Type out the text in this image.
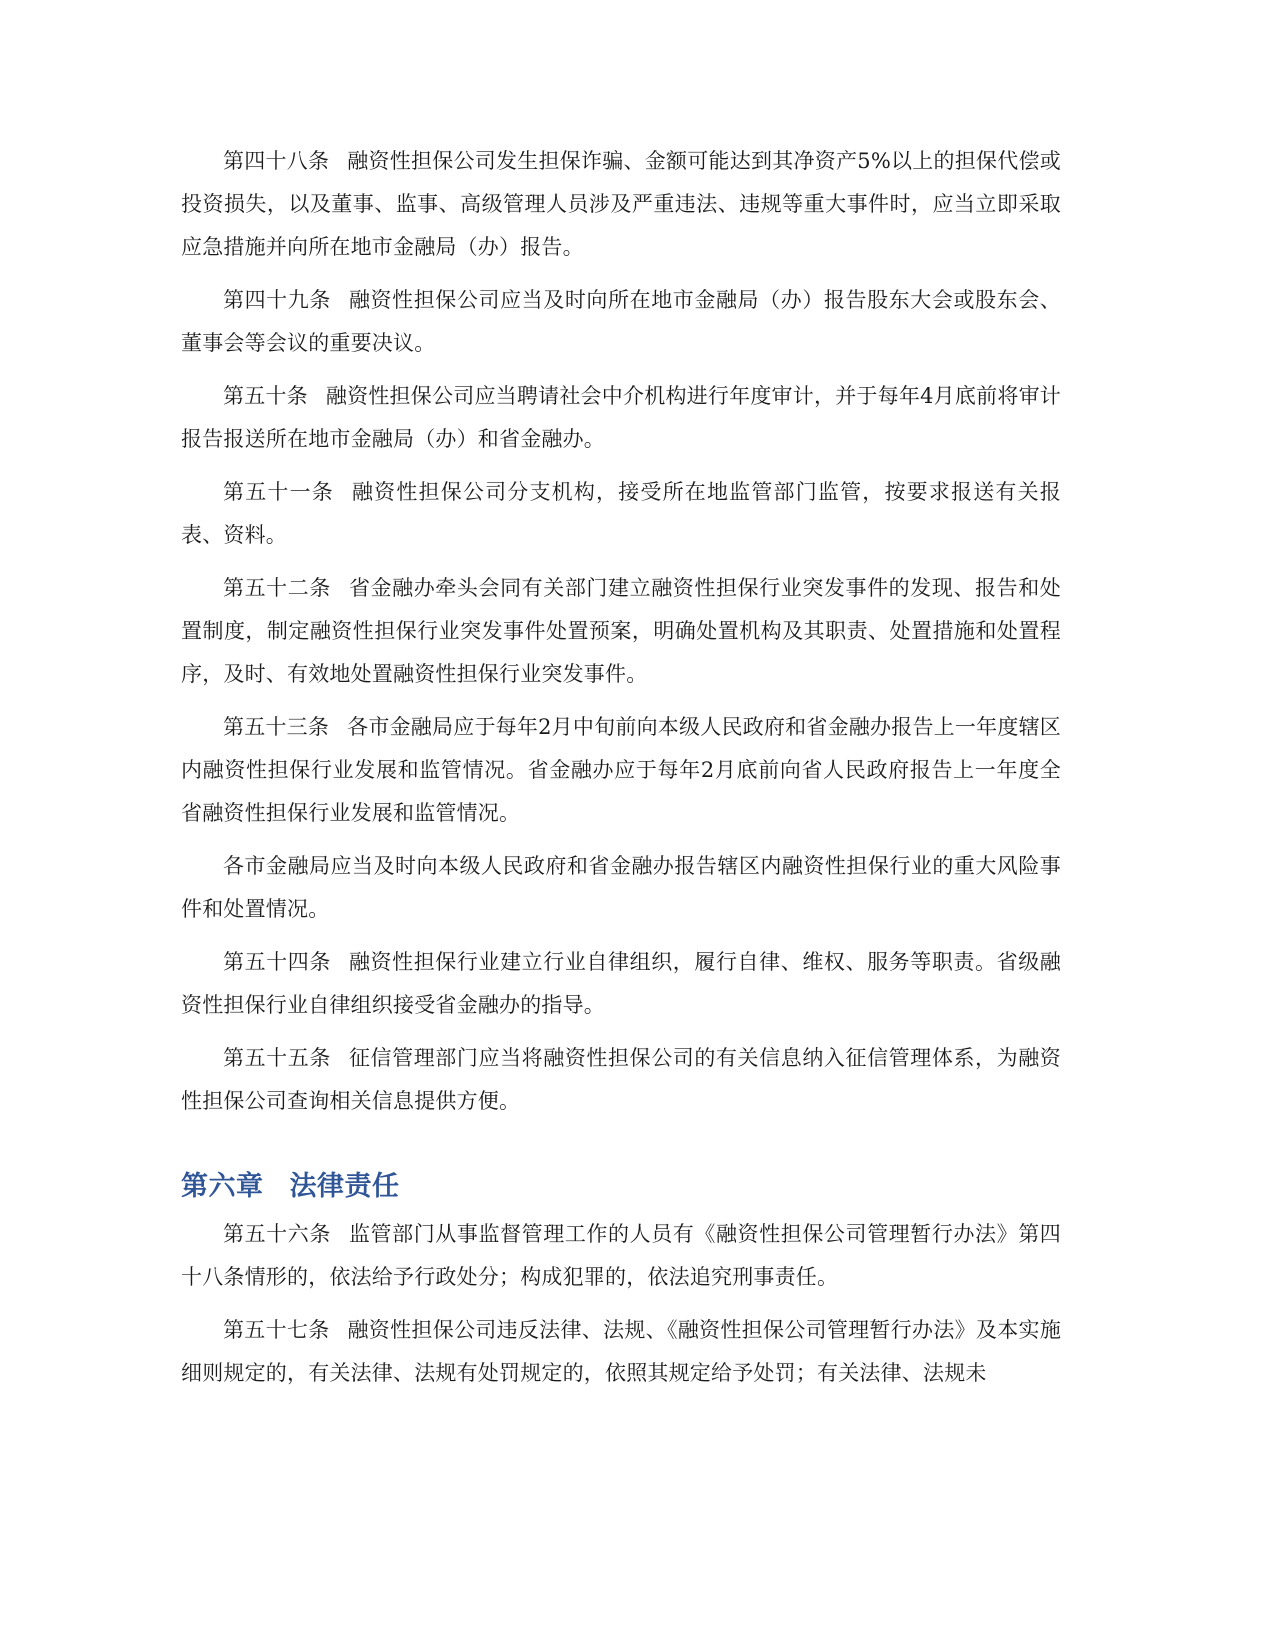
第四十八条 融资性担保公司发生担保诈骗、金额可能达到其净资产5%以上的担保代偿或投资损失，以及董事、监事、高级管理人员涉及严重违法、违规等重大事件时，应当立即采取应急措施并向所在地市金融局（办）报告。

第四十九条 融资性担保公司应当及时向所在地市金融局（办）报告股东大会或股东会、董事会等会议的重要决议。

第五十条 融资性担保公司应当聘请社会中介机构进行年度审计，并于每年4月底前将审计报告报送所在地市金融局（办）和省金融办。

第五十一条 融资性担保公司分支机构，接受所在地监管部门监管，按要求报送有关报表、资料。

第五十二条 省金融办牵头会同有关部门建立融资性担保行业突发事件的发现、报告和处置制度，制定融资性担保行业突发事件处置预案，明确处置机构及其职责、处置措施和处置程序，及时、有效地处置融资性担保行业突发事件。

第五十三条 各市金融局应于每年2月中旬前向本级人民政府和省金融办报告上一年度辖区内融资性担保行业发展和监管情况。省金融办应于每年2月底前向省人民政府报告上一年度全省融资性担保行业发展和监管情况。

各市金融局应当及时向本级人民政府和省金融办报告辖区内融资性担保行业的重大风险事件和处置情况。

第五十四条 融资性担保行业建立行业自律组织，履行自律、维权、服务等职责。省级融资性担保行业自律组织接受省金融办的指导。

第五十五条 征信管理部门应当将融资性担保公司的有关信息纳入征信管理体系，为融资性担保公司查询相关信息提供方便。

第六章 法律责任

第五十六条 监管部门从事监督管理工作的人员有《融资性担保公司管理暂行办法》第四十八条情形的，依法给予行政处分；构成犯罪的，依法追究刑事责任。

第五十七条 融资性担保公司违反法律、法规、《融资性担保公司管理暂行办法》及本实施细则规定的，有关法律、法规有处罚规定的，依照其规定给予处罚；有关法律、法规未
